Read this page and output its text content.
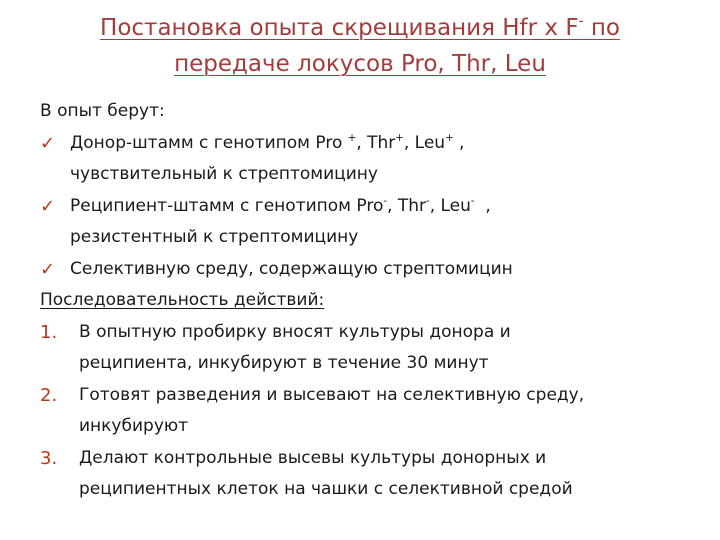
Постановка опыта скрещивания Hfr x F- по
передаче локусов Pro, Thr, Leu
В опыт берут:
✓ Донор-штамм с генотипом Pro +, Thr+, Leu+ ,
чувствительный к стрептомицину
✓ Реципиент-штамм с генотипом Pro-, Thr-, Leu-  ,
резистентный к стрептомицину
✓ Селективную среду, содержащую стрептомицин
Последовательность действий:
1. В опытную пробирку вносят культуры донора и
реципиента, инкубируют в течение 30 минут
2. Готовят разведения и высевают на селективную среду,
инкубируют
3. Делают контрольные высевы культуры донорных и
реципиентных клеток на чашки с селективной средой
